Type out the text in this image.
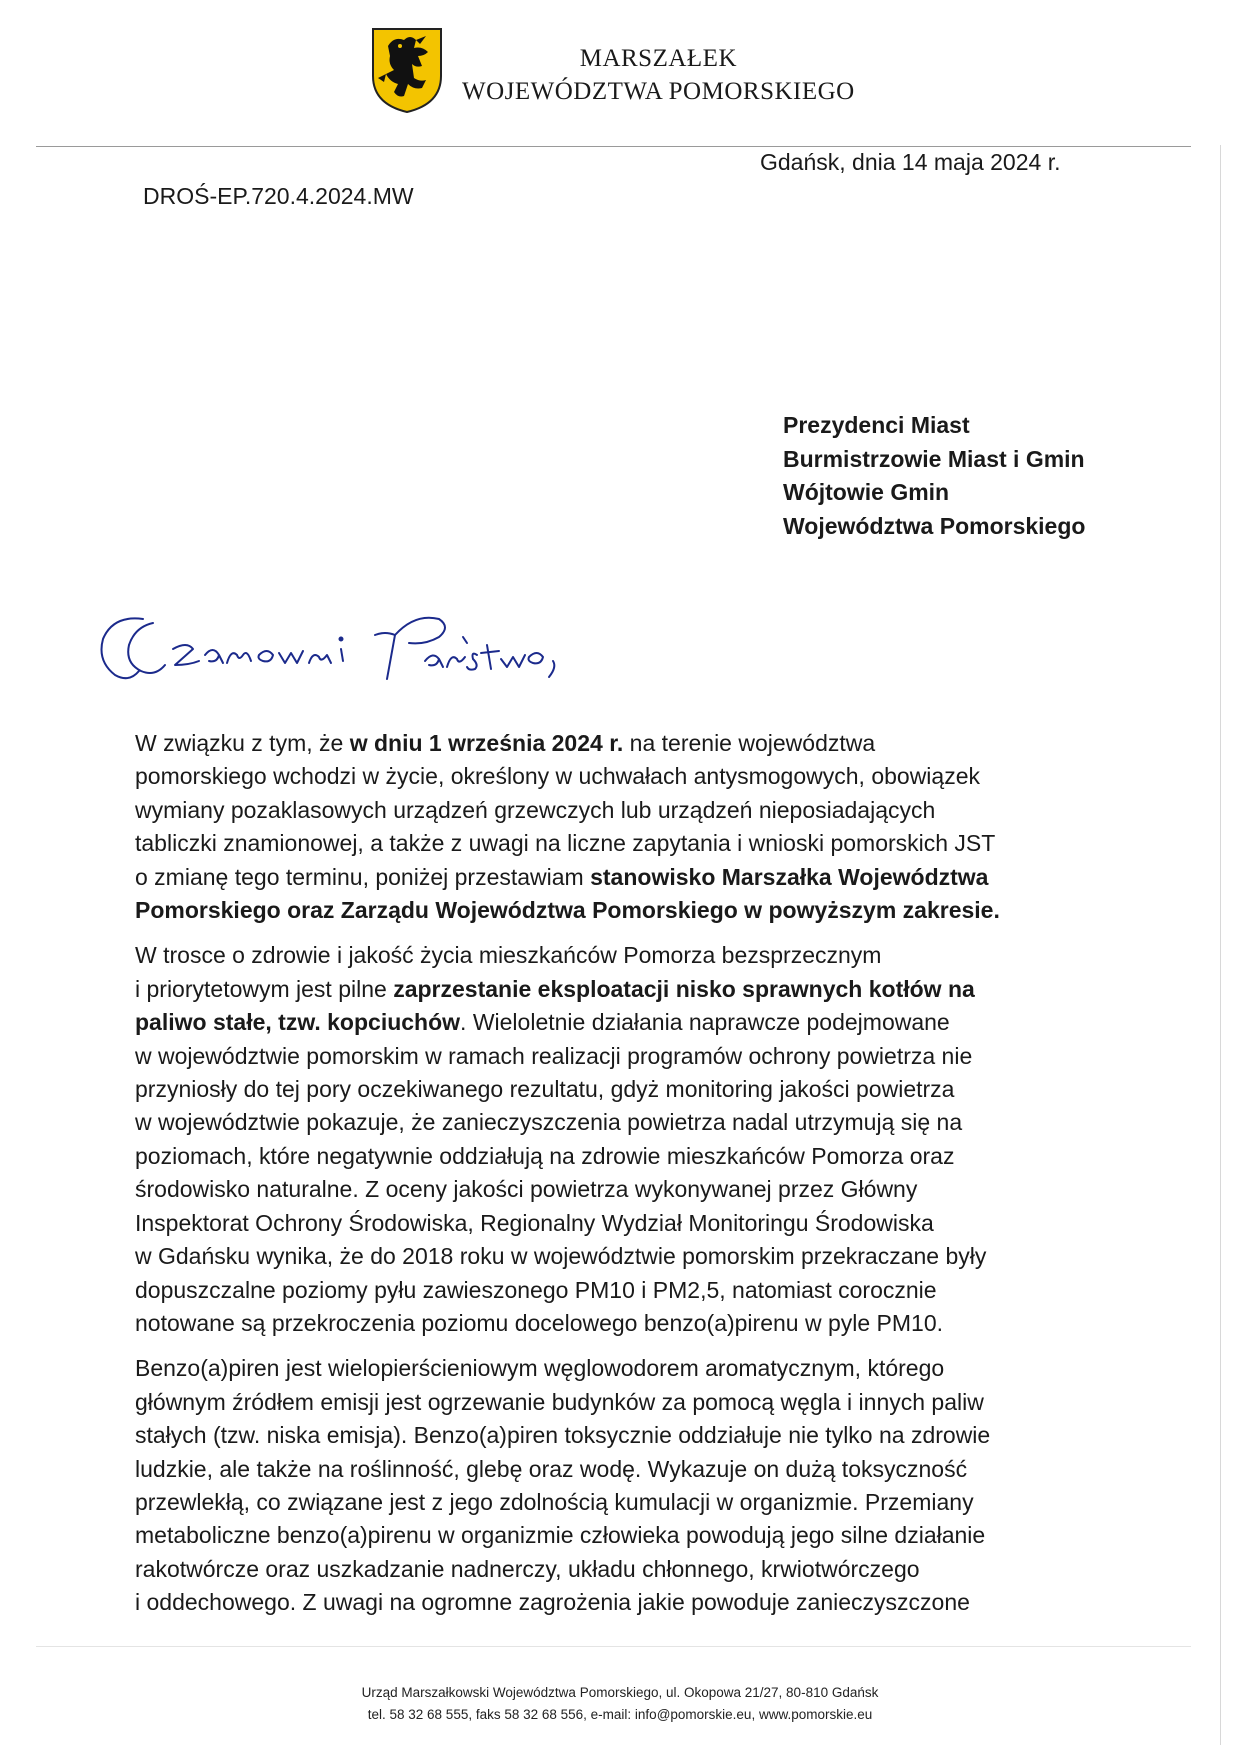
MARSZAŁEK
WOJEWÓDZTWA POMORSKIEGO
Gdańsk, dnia 14 maja 2024 r.
DROŚ-EP.720.4.2024.MW
Prezydenci Miast
Burmistrzowie Miast i Gmin
Wójtowie Gmin
Województwa Pomorskiego

W związku z tym, że w dniu 1 września 2024 r. na terenie województwa
pomorskiego wchodzi w życie, określony w uchwałach antysmogowych, obowiązek
wymiany pozaklasowych urządzeń grzewczych lub urządzeń nieposiadających
tabliczki znamionowej, a także z uwagi na liczne zapytania i wnioski pomorskich JST
o zmianę tego terminu, poniżej przestawiam stanowisko Marszałka Województwa
Pomorskiego oraz Zarządu Województwa Pomorskiego w powyższym zakresie.

W trosce o zdrowie i jakość życia mieszkańców Pomorza bezsprzecznym
i priorytetowym jest pilne zaprzestanie eksploatacji nisko sprawnych kotłów na
paliwo stałe, tzw. kopciuchów. Wieloletnie działania naprawcze podejmowane
w województwie pomorskim w ramach realizacji programów ochrony powietrza nie
przyniosły do tej pory oczekiwanego rezultatu, gdyż monitoring jakości powietrza
w województwie pokazuje, że zanieczyszczenia powietrza nadal utrzymują się na
poziomach, które negatywnie oddziałują na zdrowie mieszkańców Pomorza oraz
środowisko naturalne. Z oceny jakości powietrza wykonywanej przez Główny
Inspektorat Ochrony Środowiska, Regionalny Wydział Monitoringu Środowiska
w Gdańsku wynika, że do 2018 roku w województwie pomorskim przekraczane były
dopuszczalne poziomy pyłu zawieszonego PM10 i PM2,5, natomiast corocznie
notowane są przekroczenia poziomu docelowego benzo(a)pirenu w pyle PM10.

Benzo(a)piren jest wielopierścieniowym węglowodorem aromatycznym, którego
głównym źródłem emisji jest ogrzewanie budynków za pomocą węgla i innych paliw
stałych (tzw. niska emisja). Benzo(a)piren toksycznie oddziałuje nie tylko na zdrowie
ludzkie, ale także na roślinność, glebę oraz wodę. Wykazuje on dużą toksyczność
przewlekłą, co związane jest z jego zdolnością kumulacji w organizmie. Przemiany
metaboliczne benzo(a)pirenu w organizmie człowieka powodują jego silne działanie
rakotwórcze oraz uszkadzanie nadnerczy, układu chłonnego, krwiotwórczego
i oddechowego. Z uwagi na ogromne zagrożenia jakie powoduje zanieczyszczone

Urząd Marszałkowski Województwa Pomorskiego, ul. Okopowa 21/27, 80-810 Gdańsk
tel. 58 32 68 555, faks 58 32 68 556, e-mail: info@pomorskie.eu, www.pomorskie.eu
